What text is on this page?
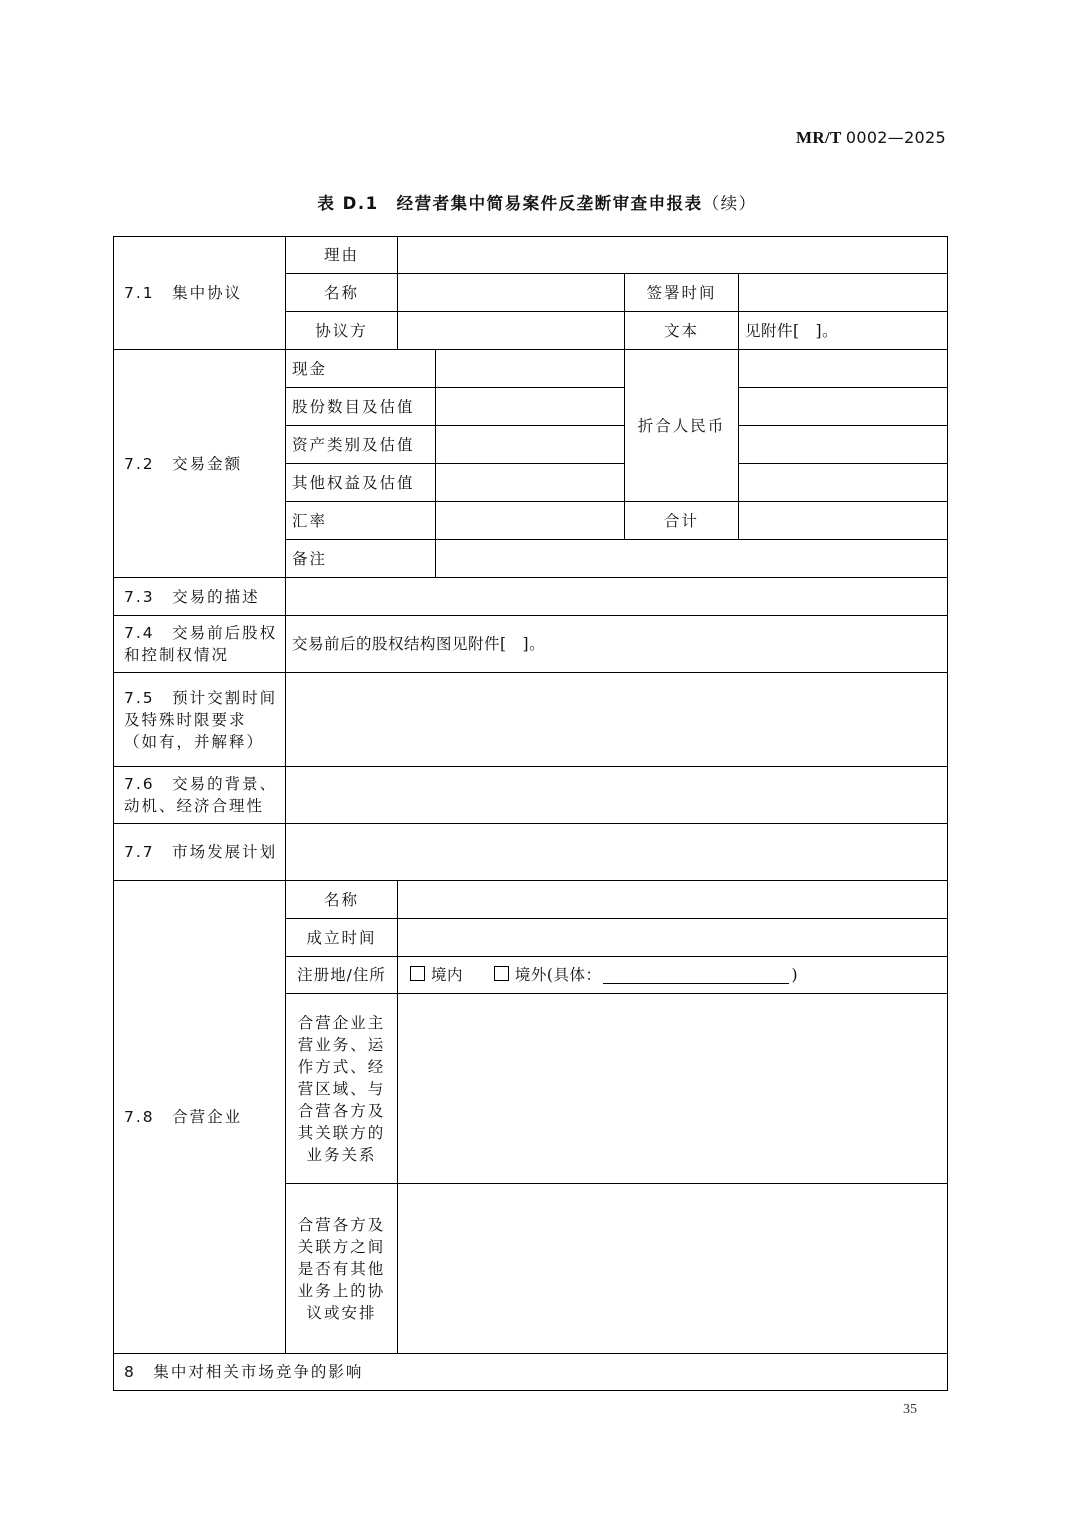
MR/T 0002—2025
表 D.1　经营者集中简易案件反垄断审查申报表（续）
7.1　集中协议	理由				
	名称			签署时间	
	协议方			文本	见附件[　]。
7.2　交易金额	现金			折合人民币	
	股份数目及估值				
	资产类别及估值				
	其他权益及估值				
	汇率			合计	
	备注				
7.3　交易的描述					
7.4　交易前后股权和控制权情况	交易前后的股权结构图见附件[　]。				
7.5　预计交割时间及特殊时限要求（如有，并解释）					
7.6　交易的背景、动机、经济合理性					
7.7　市场发展计划					
7.8　合营企业	名称				
	成立时间				
	注册地/住所	境内 境外(具体： )			
	合营企业主营业务、运作方式、经营区域、与合营各方及其关联方的业务关系				
	合营各方及关联方之间是否有其他业务上的协议或安排				
8　集中对相关市场竞争的影响					
35
